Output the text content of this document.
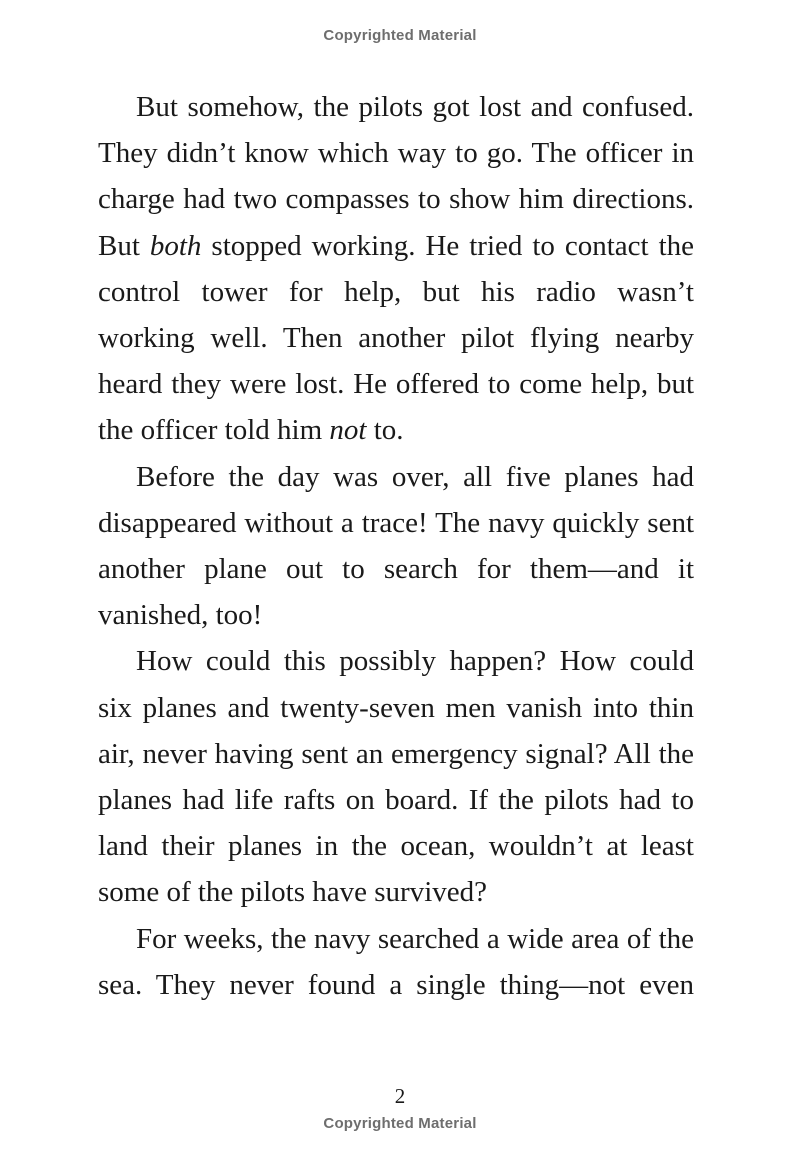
Copyrighted Material

But somehow, the pilots got lost and confused. They didn’t know which way to go. The officer in charge had two compasses to show him directions. But both stopped working. He tried to contact the control tower for help, but his radio wasn’t working well. Then another pilot flying nearby heard they were lost. He offered to come help, but the officer told him not to.

Before the day was over, all five planes had disappeared without a trace! The navy quickly sent another plane out to search for them—and it vanished, too!

How could this possibly happen? How could six planes and twenty-seven men vanish into thin air, never having sent an emergency signal? All the planes had life rafts on board. If the pilots had to land their planes in the ocean, wouldn’t at least some of the pilots have survived?

For weeks, the navy searched a wide area of the sea. They never found a single thing—not even

2
Copyrighted Material
